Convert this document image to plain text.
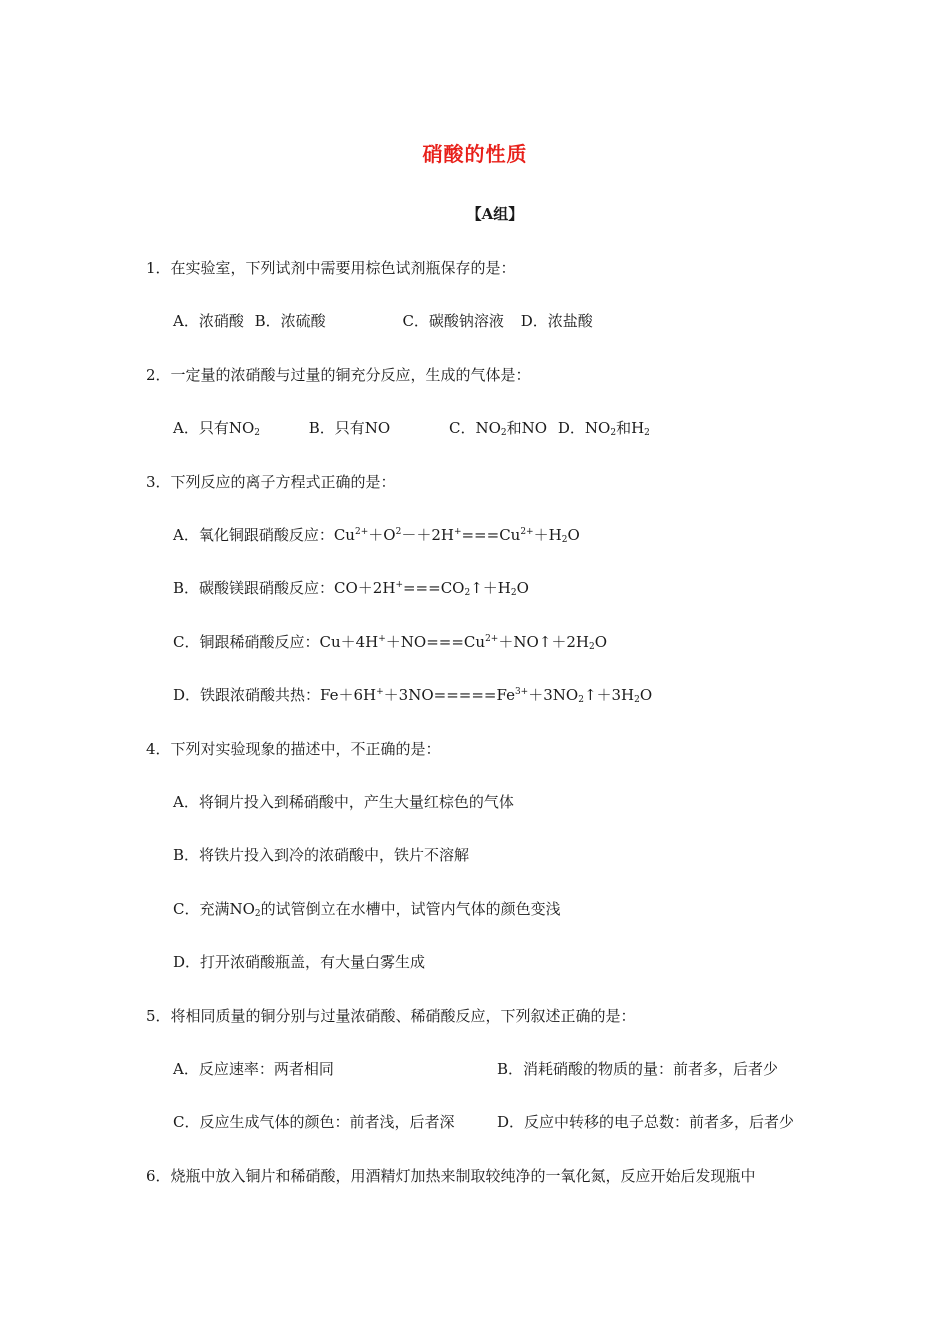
硝酸的性质
【A组】
1．在实验室，下列试剂中需要用棕色试剂瓶保存的是：
A．浓硝酸 B．浓硫酸	C．碳酸钠溶液 D．浓盐酸
2．一定量的浓硝酸与过量的铜充分反应，生成的气体是：
A．只有$NO_2$	B．只有NO	C．$NO_2$和NO D．$NO_2$和$H_2$
3．下列反应的离子方程式正确的是：
A．氧化铜跟硝酸反应：$Cu^{2+}+O^2-+2H^+===Cu^{2+}+H_2O$
B．碳酸镁跟硝酸反应：$CO+2H^+===CO_2↑+H_2O$
C．铜跟稀硝酸反应：$Cu+4H^++NO===Cu^{2+}+NO↑+2H_2O$
D．铁跟浓硝酸共热：$Fe+6H^++3NO=====Fe^{3+}+3NO_2↑+3H_2O$
4．下列对实验现象的描述中，不正确的是：
A．将铜片投入到稀硝酸中，产生大量红棕色的气体
B．将铁片投入到冷的浓硝酸中，铁片不溶解
C．充满$NO_2$的试管倒立在水槽中，试管内气体的颜色变浅
D．打开浓硝酸瓶盖，有大量白雾生成
5．将相同质量的铜分别与过量浓硝酸、稀硝酸反应，下列叙述正确的是：
A．反应速率：两者相同	B．消耗硝酸的物质的量：前者多，后者少
C．反应生成气体的颜色：前者浅，后者深	D．反应中转移的电子总数：前者多，后者少
6．烧瓶中放入铜片和稀硝酸，用酒精灯加热来制取较纯净的一氧化氮，反应开始后发现瓶中
